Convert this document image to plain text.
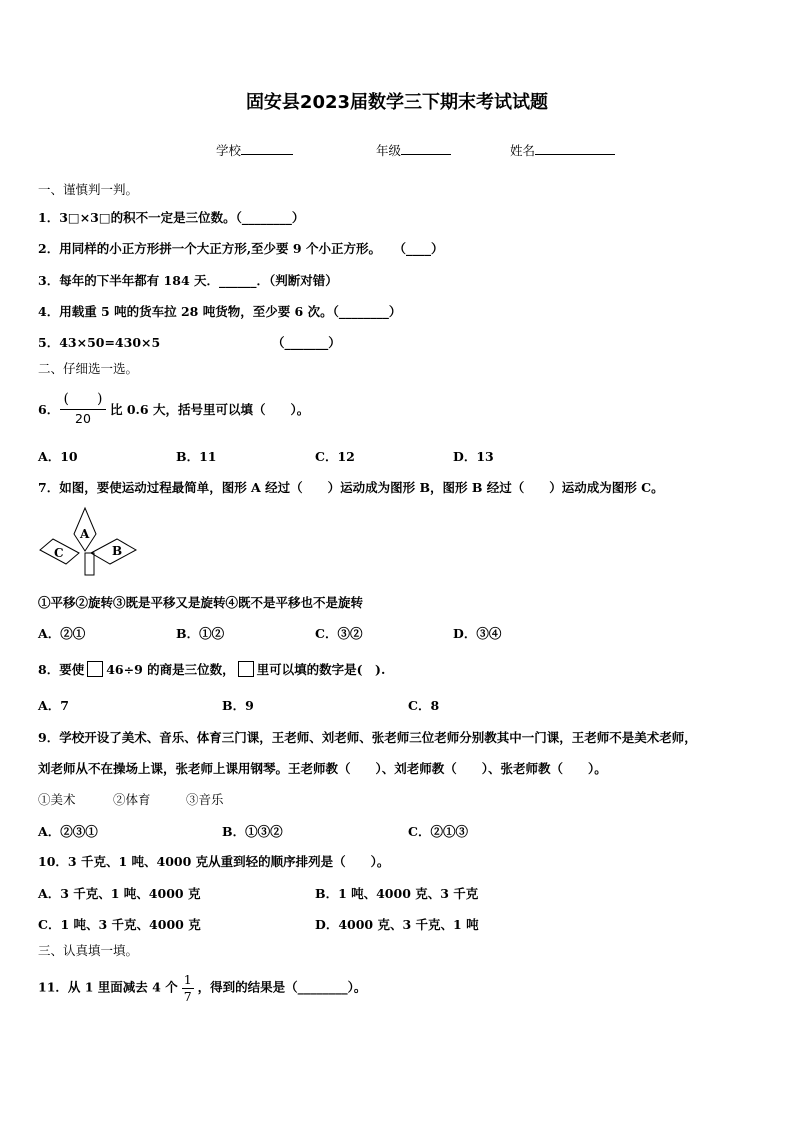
固安县2023届数学三下期末考试试题
学校	年级	姓名
一、谨慎判一判。
1．3□×3□的积不一定是三位数。（________）
2．用同样的小正方形拼一个大正方形,至少要 9 个小正方形。　　（____）
3．每年的下半年都有 184 天．______．（判断对错）
4．用载重 5 吨的货车拉 28 吨货物，至少要 6 次。（________）
5．43×50=430×5	（_______）
二、仔细选一选。
6．
(　　)
20
比 0.6 大，括号里可以填（　　）。
A．10	B．11	C．12	D．13
7．如图，要使运动过程最简单，图形 A 经过（　　）运动成为图形 B，图形 B 经过（　　）运动成为图形 C。
A
B
C
①平移②旋转③既是平移又是旋转④既不是平移也不是旋转
A．②①	B．①②	C．③②	D．③④
8．要使 46÷9 的商是三位数， 里可以填的数字是(　).
A．7	B．9	C．8
9．学校开设了美术、音乐、体育三门课，王老师、刘老师、张老师三位老师分别教其中一门课，王老师不是美术老师，
刘老师从不在操场上课，张老师上课用钢琴。王老师教（　　）、刘老师教（　　）、张老师教（　　）。
①美术	②体育	③音乐
A．②③①	B．①③②	C．②①③
10．3 千克、1 吨、4000 克从重到轻的顺序排列是（　　）。
A．3 千克、1 吨、4000 克	B．1 吨、4000 克、3 千克
C．1 吨、3 千克、4000 克	D．4000 克、3 千克、1 吨
三、认真填一填。
11．从 1 里面减去 4 个 $\frac{1}{7}$ ，得到的结果是（________）。
